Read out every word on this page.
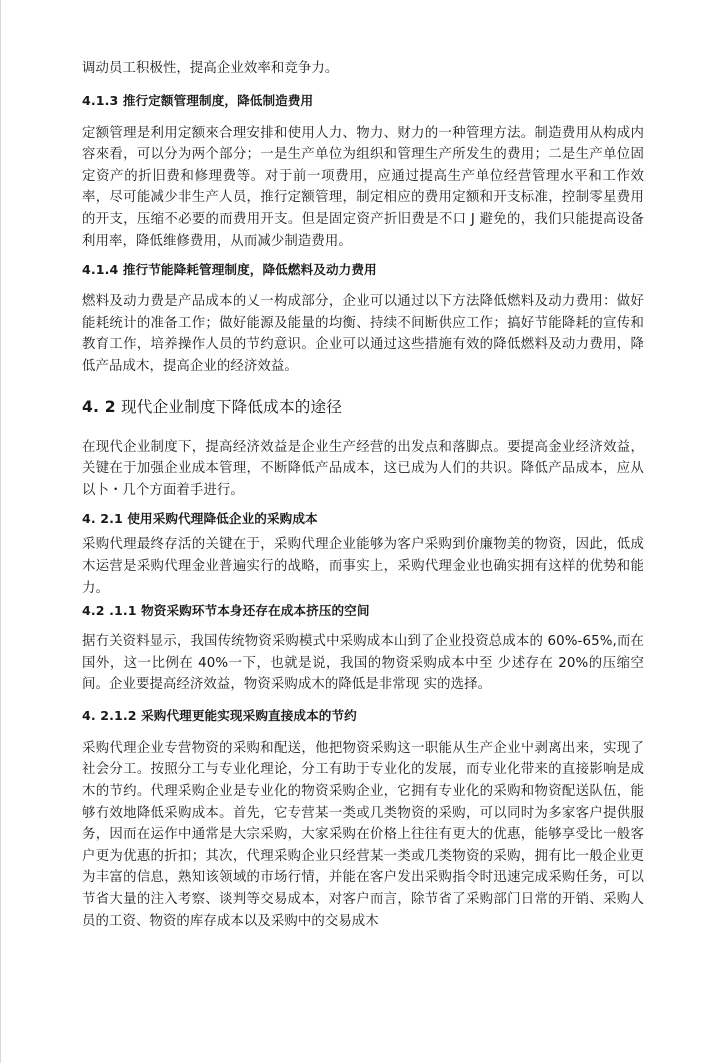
调动员工积极性，提高企业效率和竞争力。

4.1.3 推行定额管理制度，降低制造费用

定额管理是利用定额來合理安排和使用人力、物力、财力的一种管理方法。制造费用从构成内容來看，可以分为两个部分；一是生产单位为组织和管理生产所发生的费用；二是生产单位固定资产的折旧费和修理费等。对于前一项费用，应通过提高生产单位经营管理水平和工作效率，尽可能减少非生产人员，推行定额管理，制定相应的费用定额和开支标准，控制零星费用的开支，压缩不必要的而费用开支。但是固定资产折旧费是不口 J 避免的，我们只能提高设备利用率，降低维修费用，从而减少制造费用。

4.1.4 推行节能降耗管理制度，降低燃料及动力费用

燃料及动力费是产品成本的乂一构成部分，企业可以通过以下方法降低燃料及动力费用：做好能耗统计的准备工作；做好能源及能量的均衡、持续不间断供应工作；搞好节能降耗的宣传和教育工作，培养操作人员的节约意识。企业可以通过这些措施有效的降低燃料及动力费用，降低产品成木，提高企业的经济效益。

4. 2 现代企业制度下降低成本的途径

在现代企业制度下，提高经济效益是企业生产经营的出发点和落脚点。要提高金业经济效益，关键在于加强企业成本管理，不断降低产品成本，这已成为人们的共识。降低产品成本，应从以卜・几个方面着手进行。

4. 2.1 使用采购代理降低企业的采购成本

采购代理最终存活的关键在于，采购代理企业能够为客户采购到价廉物美的物资，因此，低成木运营是采购代理金业普遍实行的战略，而事实上，采购代理金业也确实拥有这样的优势和能力。

4.2 .1.1 物资采购环节本身还存在成本挤压的空间

据冇关资料显示，我国传统物资采购模式中采购成本山到了企业投资总成本的 60%-65%,而在国外，这一比例在 40%一下，也就是说，我国的物资采购成本中至 少述存在 20%的压缩空间。企业要提高经济效益，物资采购成木的降低是非常现 实的选择。

4. 2.1.2 采购代理更能实现采购直接成本的节约

采购代理企业专营物资的采购和配送，他把物资采购这一职能从生产企业屮剥离出来，实现了社会分工。按照分工与专业化理论，分工有助于专业化的发展，而专业化带来的直接影响是成木的节约。代理采购企业是专业化的物资采购企业，它拥有专业化的采购和物资配送队伍，能够冇效地降低采购成本。首先，它专营某一类或几类物资的采购，可以同时为多家客户提供服务，因而在运作中通常是大宗采购，大家采购在价格上往往有更大的优惠，能够享受比一般客户更为优惠的折扣；其次，代理采购企业只经营某一类或几类物资的采购，拥有比一般企业更为丰富的信息，熟知该领域的市场行情，并能在客户发出采购指令时迅速完成采购任务，可以节省大量的注入考察、谈判等交易成本，对客户而言，除节省了采购部门日常的开销、采购人员的工资、物资的库存成本以及采购中的交易成木
